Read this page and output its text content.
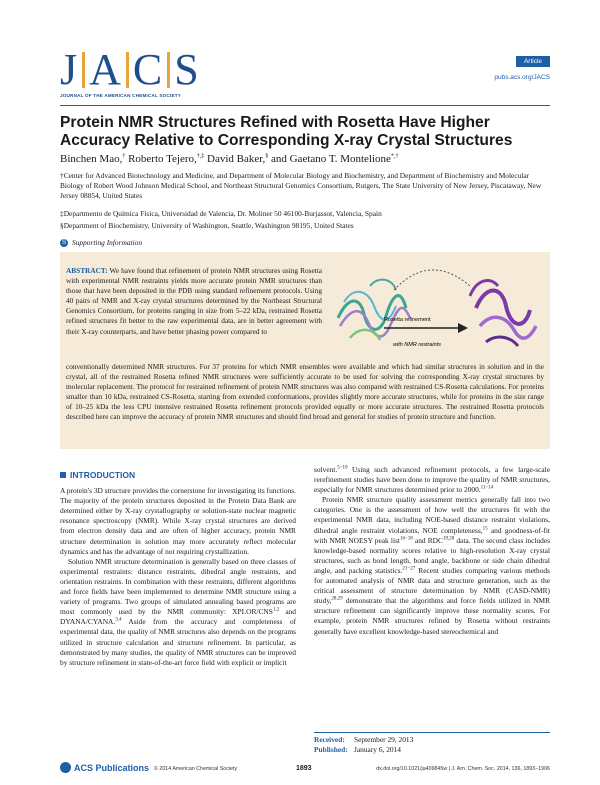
J A C S
JOURNAL OF THE AMERICAN CHEMICAL SOCIETY
Article
pubs.acs.org/JACS
Protein NMR Structures Refined with Rosetta Have Higher Accuracy Relative to Corresponding X-ray Crystal Structures
Binchen Mao,† Roberto Tejero,†,‡ David Baker,§ and Gaetano T. Montelione*,†
†Center for Advanced Biotechnology and Medicine, and Department of Molecular Biology and Biochemistry, and Department of Biochemistry and Molecular Biology of Robert Wood Johnson Medical School, and Northeast Structural Genomics Consortium, Rutgers, The State University of New Jersey, Piscataway, New Jersey 08854, United States
‡Departmento de Química Física, Universidad de Valencia, Dr. Moliner 50 46100-Burjassot, Valencia, Spain
§Department of Biochemistry, University of Washington, Seattle, Washington 98195, United States
S Supporting Information
ABSTRACT: We have found that refinement of protein NMR structures using Rosetta with experimental NMR restraints yields more accurate protein NMR structures than those that have been deposited in the PDB using standard refinement protocols. Using 40 pairs of NMR and X-ray crystal structures determined by the Northeast Structural Genomics Consortium, for proteins ranging in size from 5–22 kDa, restrained Rosetta refined structures fit better to the raw experimental data, are in better agreement with their X-ray counterparts, and have better phasing power compared to
conventionally determined NMR structures. For 37 proteins for which NMR ensembles were available and which had similar structures in solution and in the crystal, all of the restrained Rosetta refined NMR structures were sufficiently accurate to be used for solving the corresponding X-ray crystal structures by molecular replacement. The protocol for restrained refinement of protein NMR structures was also compared with restrained CS-Rosetta calculations. For proteins smaller than 10 kDa, restrained CS-Rosetta, starting from extended conformations, provides slightly more accurate structures, while for proteins in the size range of 10–25 kDa the less CPU intensive restrained Rosetta refinement protocols provided equally or more accurate structures. The restrained Rosetta protocols described here can improve the accuracy of protein NMR structures and should find broad and general for studies of protein structure and function.
Rosetta refinement
with NMR restraints
INTRODUCTION

A protein's 3D structure provides the cornerstone for investigating its functions. The majority of the protein structures deposited in the Protein Data Bank are determined either by X-ray crystallography or solution-state nuclear magnetic resonance spectroscopy (NMR). While X-ray crystal structures are derived from electron density data and are often of higher accuracy, protein NMR structure determination in solution may more accurately reflect molecular dynamics and has the advantage of not requiring crystallization.

Solution NMR structure determination is generally based on three classes of experimental restraints: distance restraints, dihedral angle restraints, and orientation restraints. In combination with these restraints, different algorithms and force fields have been implemented to determine NMR structure using a variety of programs. Two groups of simulated annealing based programs are most commonly used by the NMR community: XPLOR/CNS$^{1,2}$ and DYANA/CYANA.$^{3,4}$ Aside from the accuracy and completeness of experimental data, the quality of NMR structures also depends on the programs utilized in structure calculation and structure refinement. In particular, as demonstrated by many studies, the quality of NMR structures can be improved by structure refinement in state-of-the-art force field with explicit or implicit

solvent.$^{5-10}$ Using such advanced refinement protocols, a few large-scale rerefinement studies have been done to improve the quality of NMR structures, especially for NMR structures determined prior to 2000.$^{11-14}$

Protein NMR structure quality assessment metrics generally fall into two categories. One is the assessment of how well the structures fit with the experimental NMR data, including NOE-based distance restraint violations, dihedral angle restraint violations, NOE completeness,$^{15}$ and goodness-of-fit with NMR NOESY peak list$^{16-18}$ and RDC$^{19,20}$ data. The second class includes knowledge-based normality scores relative to high-resolution X-ray crystal structures, such as bond length, bond angle, backbone or side chain dihedral angle, and packing statistics.$^{21-27}$ Recent studies comparing various methods for automated analysis of NMR data and structure generation, such as the critical assessment of structure determination by NMR (CASD-NMR) study,$^{28,29}$ demonstrate that the algorithms and force fields utilized in NMR structure refinement can significantly improve these normality scores. For example, protein NMR structures refined by Rosetta without restraints generally have excellent knowledge-based stereochemical and

Received: September 29, 2013
Published: January 6, 2014
ACS Publications © 2014 American Chemical Society	1893	dx.doi.org/10.1021/ja409845w | J. Am. Chem. Soc. 2014, 136, 1893−1906
